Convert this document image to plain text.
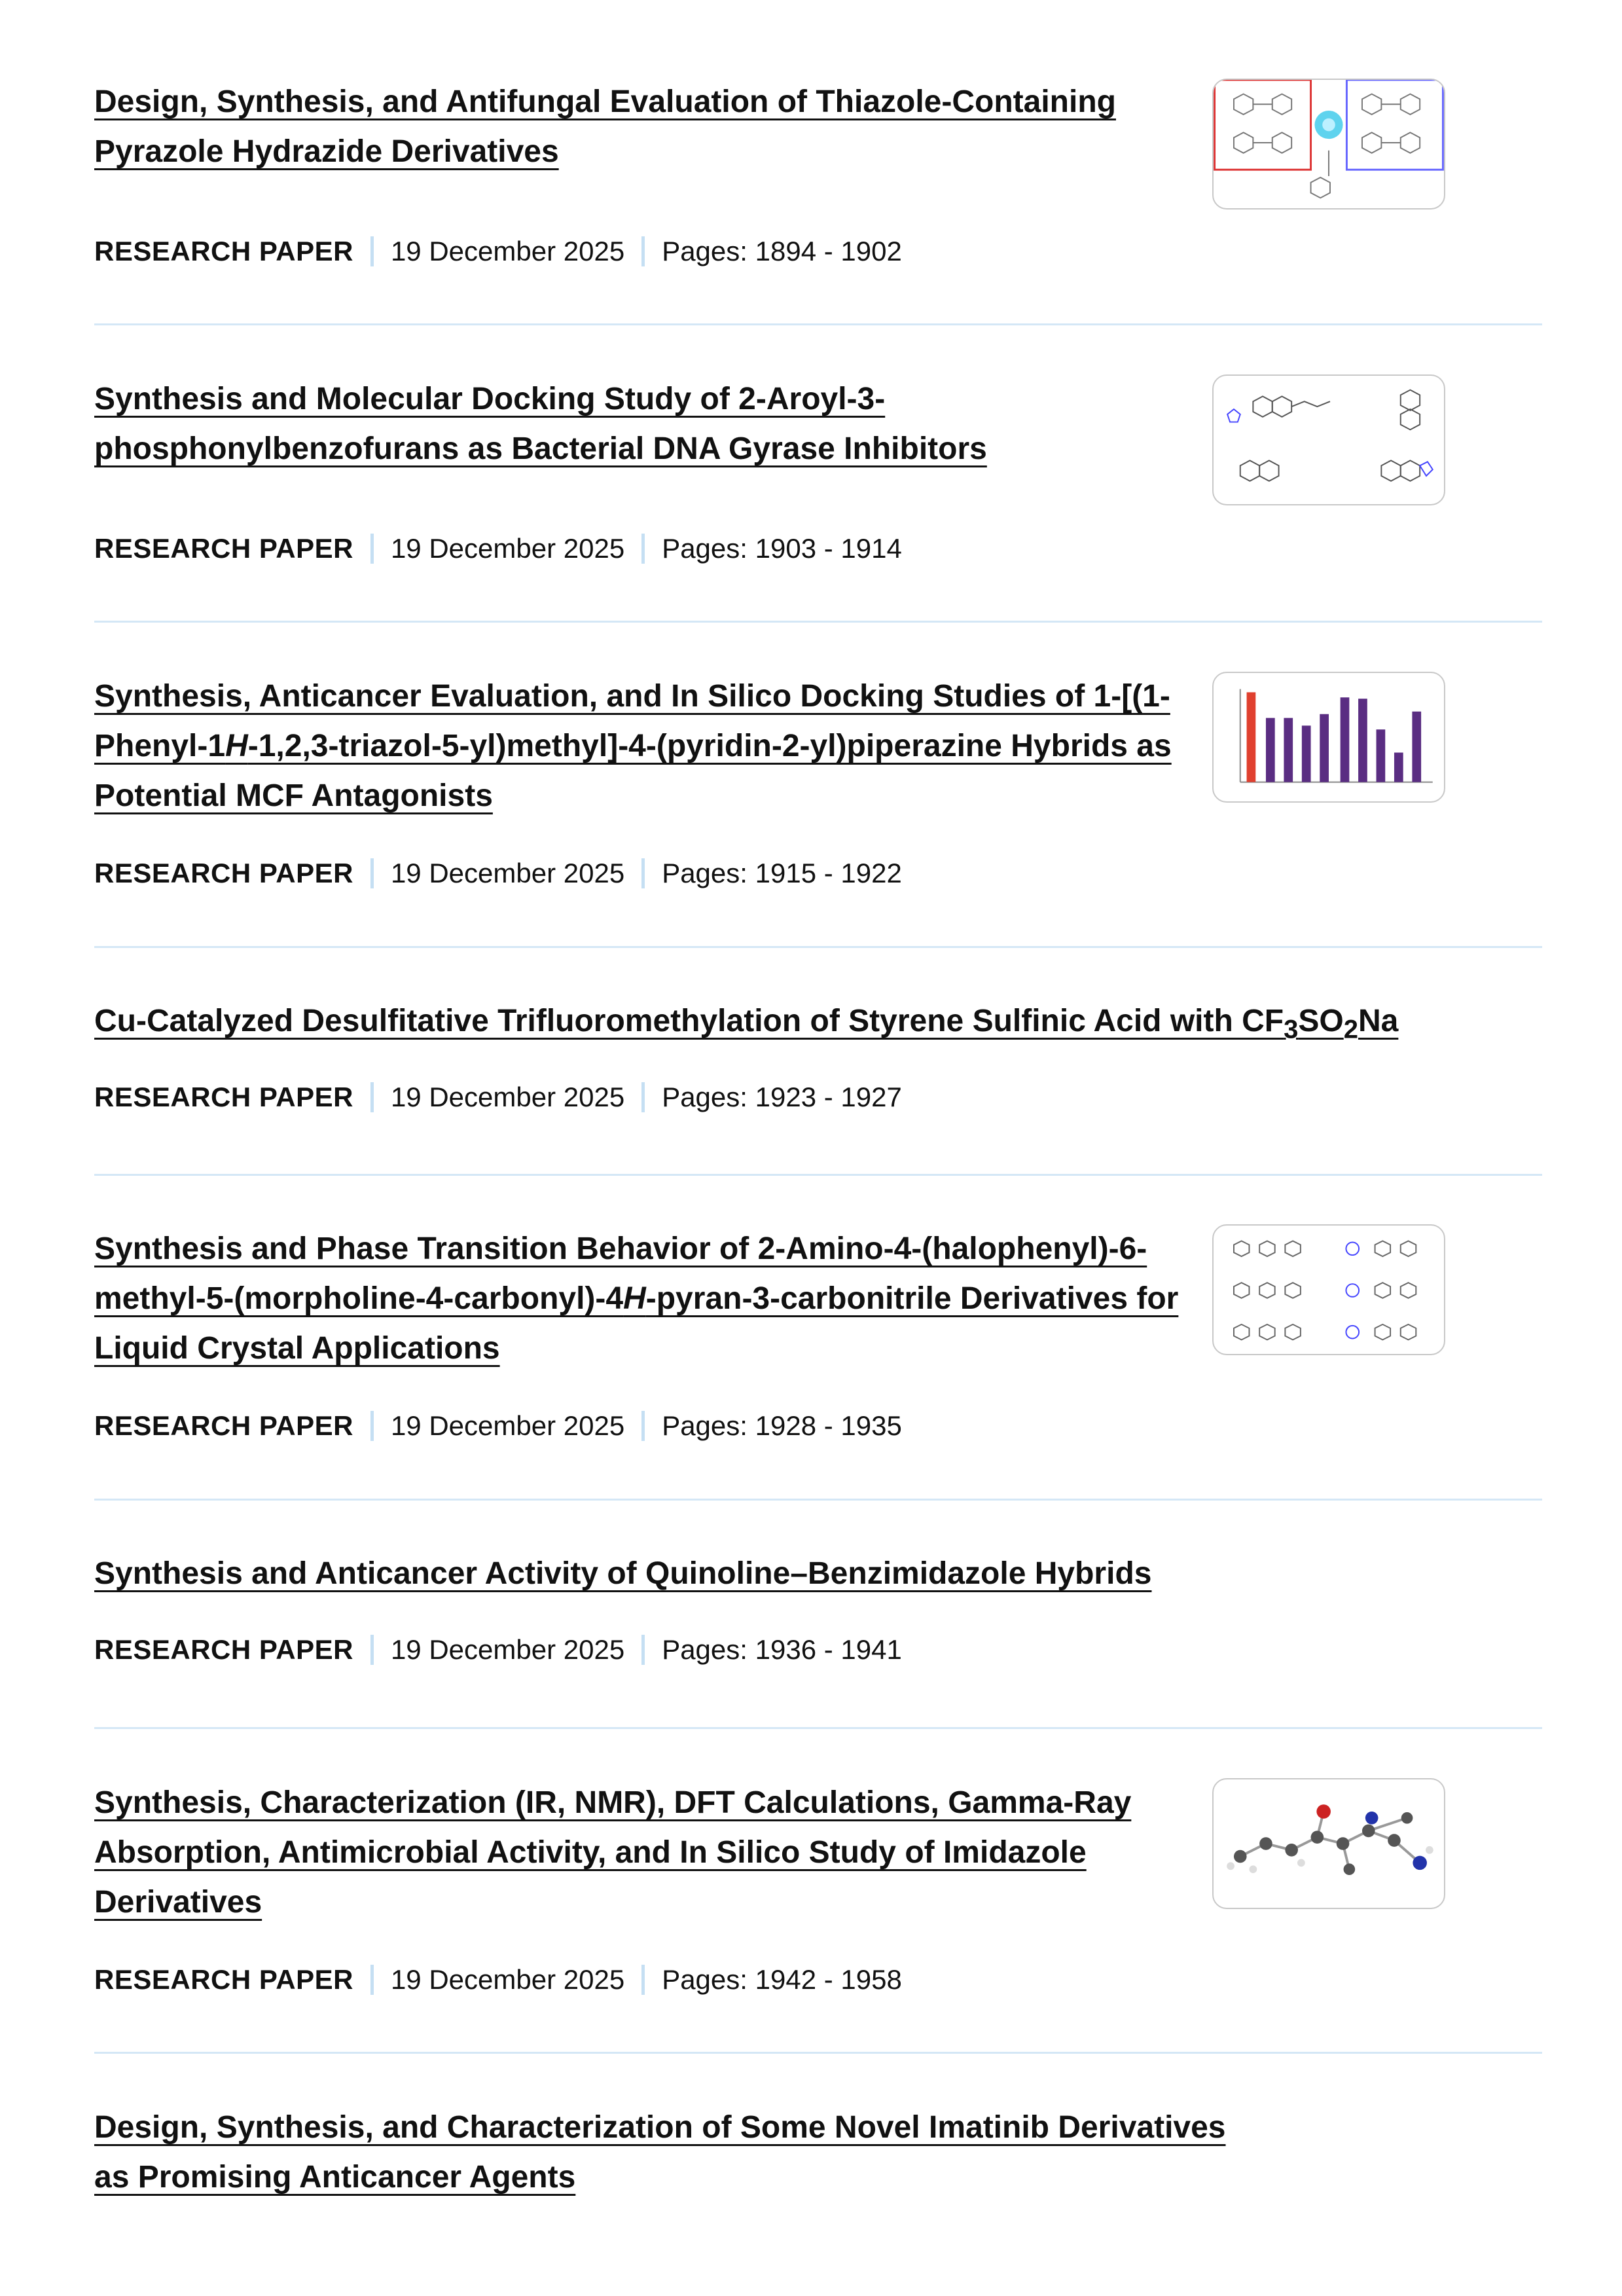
Design, Synthesis, and Antifungal Evaluation of Thiazole-Containing Pyrazole Hydrazide Derivatives
RESEARCH PAPER 19 December 2025 Pages: 1894 - 1902
Synthesis and Molecular Docking Study of 2-Aroyl-3-phosphonylbenzofurans as Bacterial DNA Gyrase Inhibitors
RESEARCH PAPER 19 December 2025 Pages: 1903 - 1914
Synthesis, Anticancer Evaluation, and In Silico Docking Studies of 1-[(1-Phenyl-1H-1,2,3-triazol-5-yl)methyl]-4-(pyridin-2-yl)piperazine Hybrids as Potential MCF Antagonists
RESEARCH PAPER 19 December 2025 Pages: 1915 - 1922
Cu-Catalyzed Desulfitative Trifluoromethylation of Styrene Sulfinic Acid with $CF_3SO_2Na$
RESEARCH PAPER 19 December 2025 Pages: 1923 - 1927
Synthesis and Phase Transition Behavior of 2-Amino-4-(halophenyl)-6-methyl-5-(morpholine-4-carbonyl)-4H-pyran-3-carbonitrile Derivatives for Liquid Crystal Applications
RESEARCH PAPER 19 December 2025 Pages: 1928 - 1935
Synthesis and Anticancer Activity of Quinoline–Benzimidazole Hybrids
RESEARCH PAPER 19 December 2025 Pages: 1936 - 1941
Synthesis, Characterization (IR, NMR), DFT Calculations, Gamma-Ray Absorption, Antimicrobial Activity, and In Silico Study of Imidazole Derivatives
RESEARCH PAPER 19 December 2025 Pages: 1942 - 1958
Design, Synthesis, and Characterization of Some Novel Imatinib Derivatives as Promising Anticancer Agents
